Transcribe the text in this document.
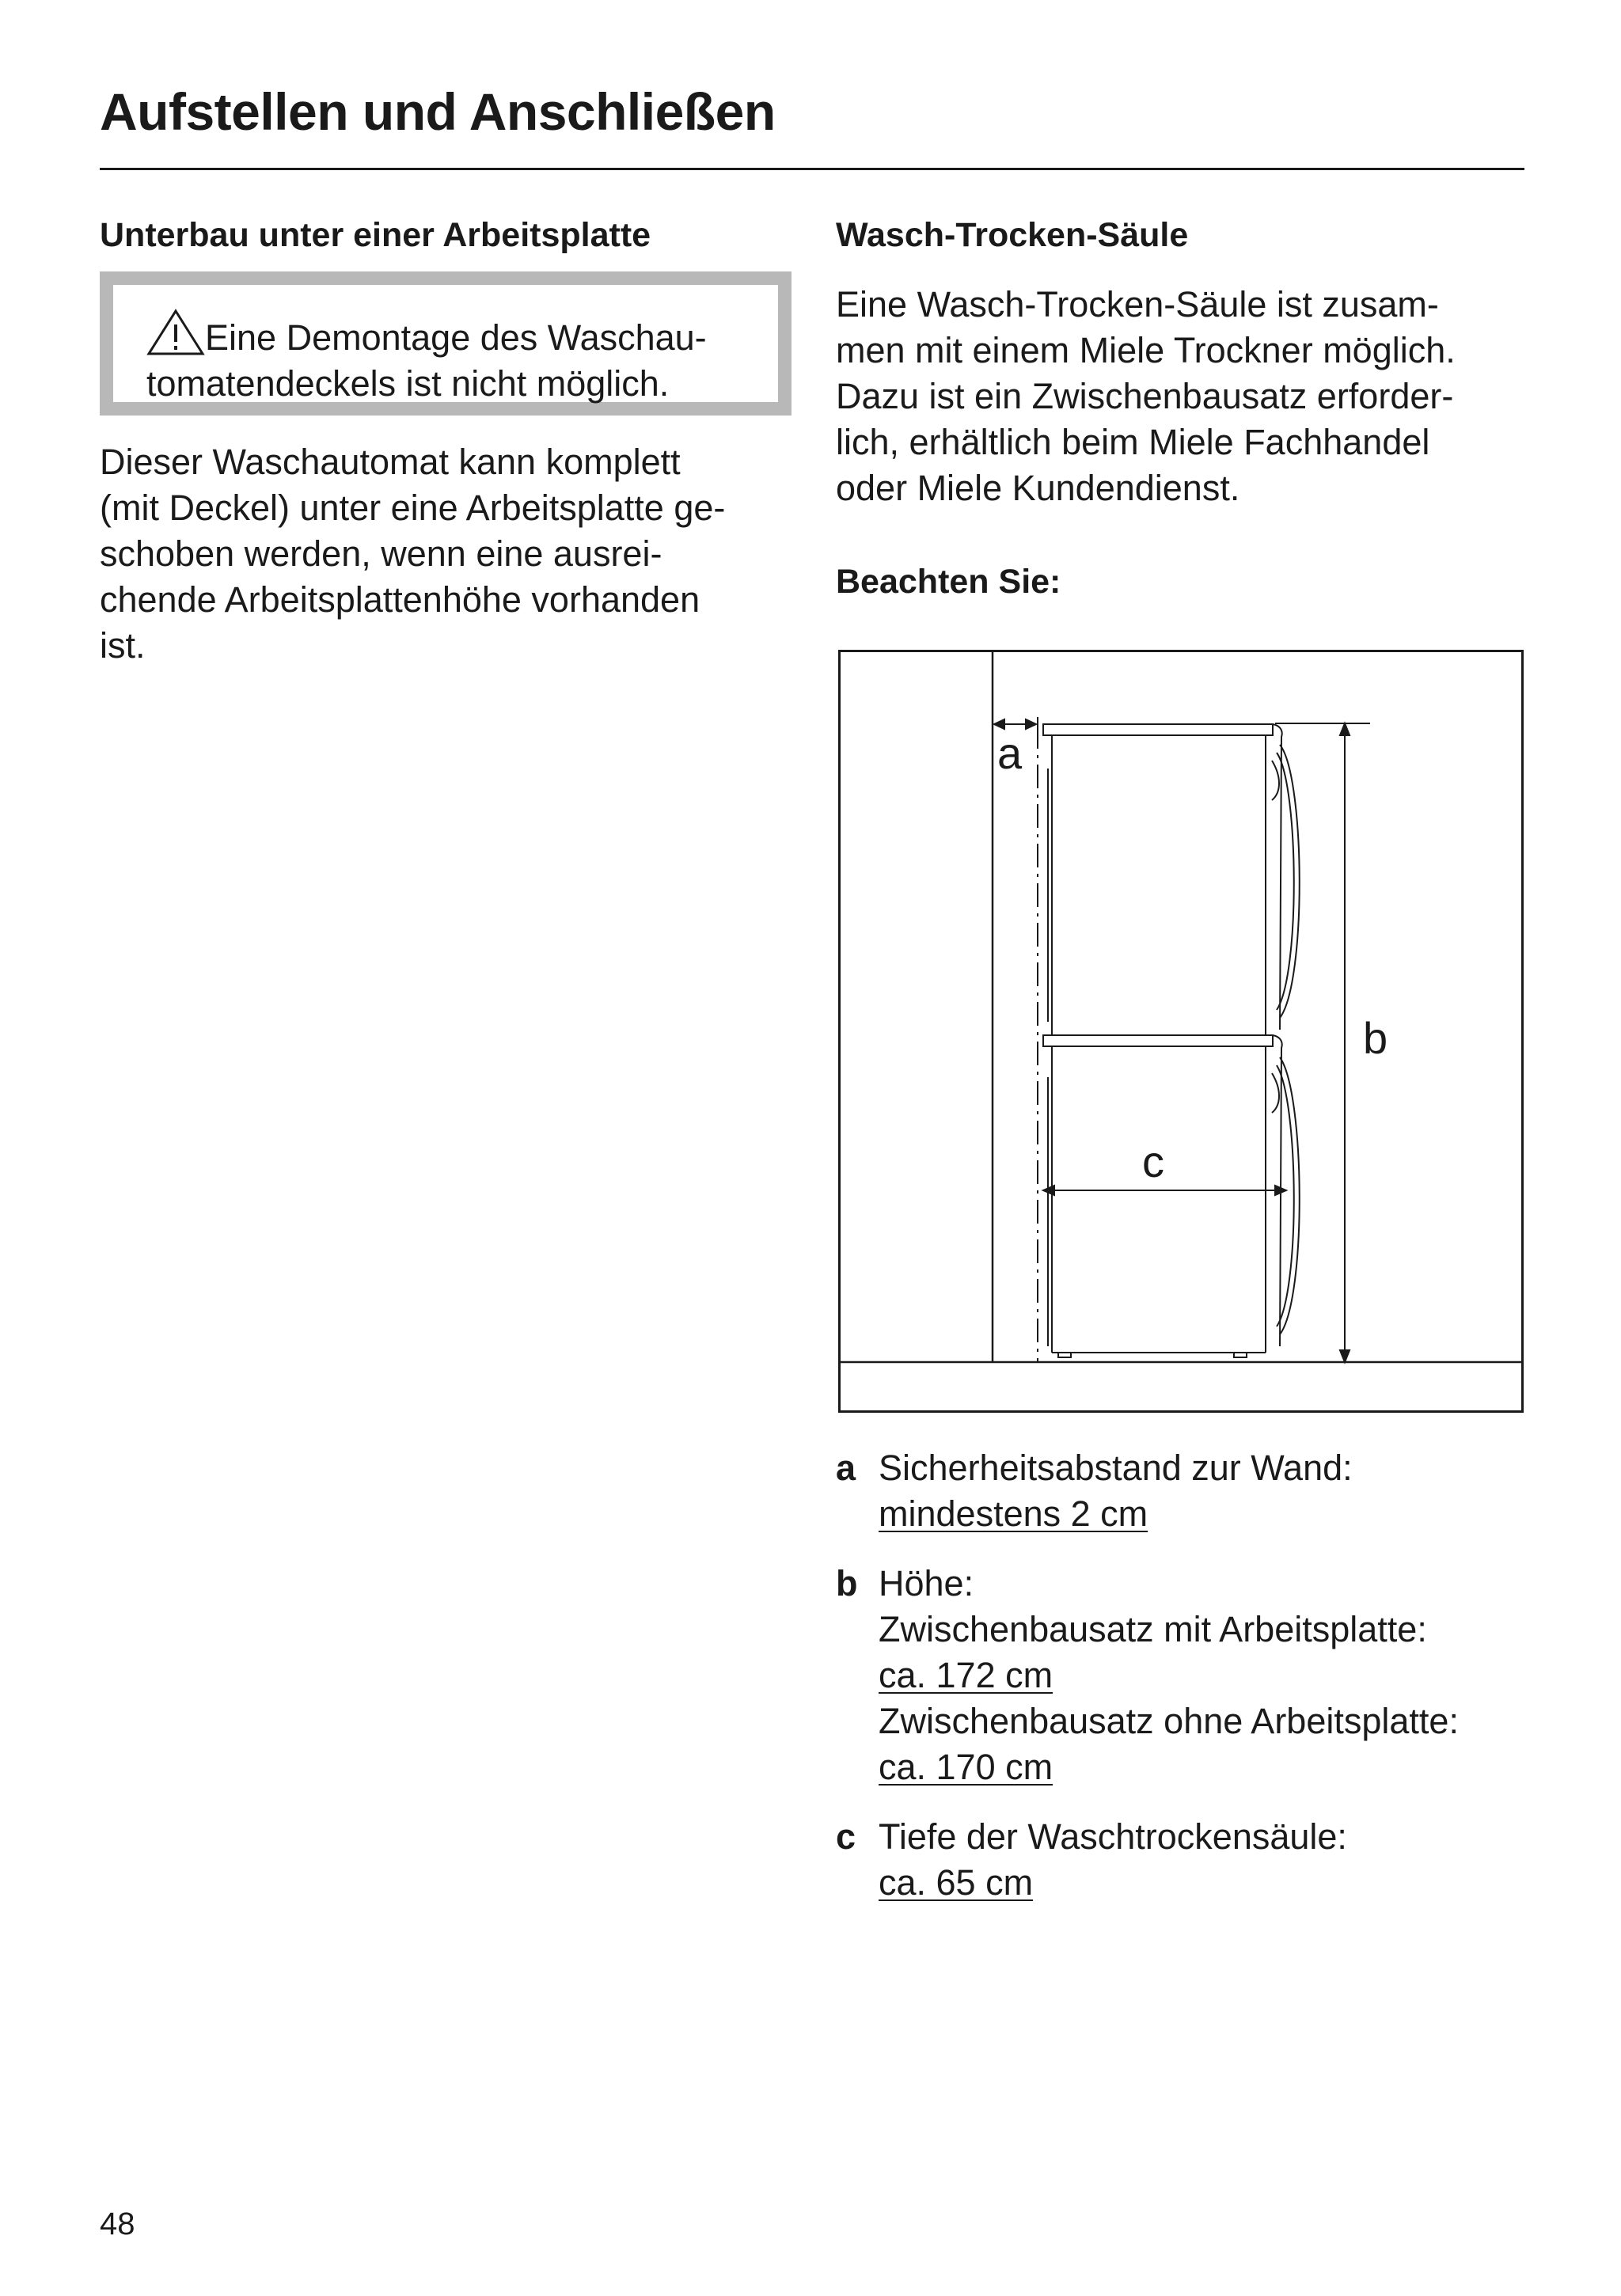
Aufstellen und Anschließen
Unterbau unter einer Arbeitsplatte
Eine Demontage des Waschau-
tomatendeckels ist nicht möglich.
Dieser Waschautomat kann komplett
(mit Deckel) unter eine Arbeitsplatte ge-
schoben werden, wenn eine ausrei-
chende Arbeitsplattenhöhe vorhanden
ist.
Wasch-Trocken-Säule
Eine Wasch-Trocken-Säule ist zusam-
men mit einem Miele Trockner möglich.
Dazu ist ein Zwischenbausatz erforder-
lich, erhältlich beim Miele Fachhandel
oder Miele Kundendienst.
Beachten Sie:
a
b
c
a Sicherheitsabstand zur Wand:
mindestens 2 cm
b Höhe:
Zwischenbausatz mit Arbeitsplatte:
ca. 172 cm
Zwischenbausatz ohne Arbeitsplatte:
ca. 170 cm
c Tiefe der Waschtrockensäule:
ca. 65 cm
48
